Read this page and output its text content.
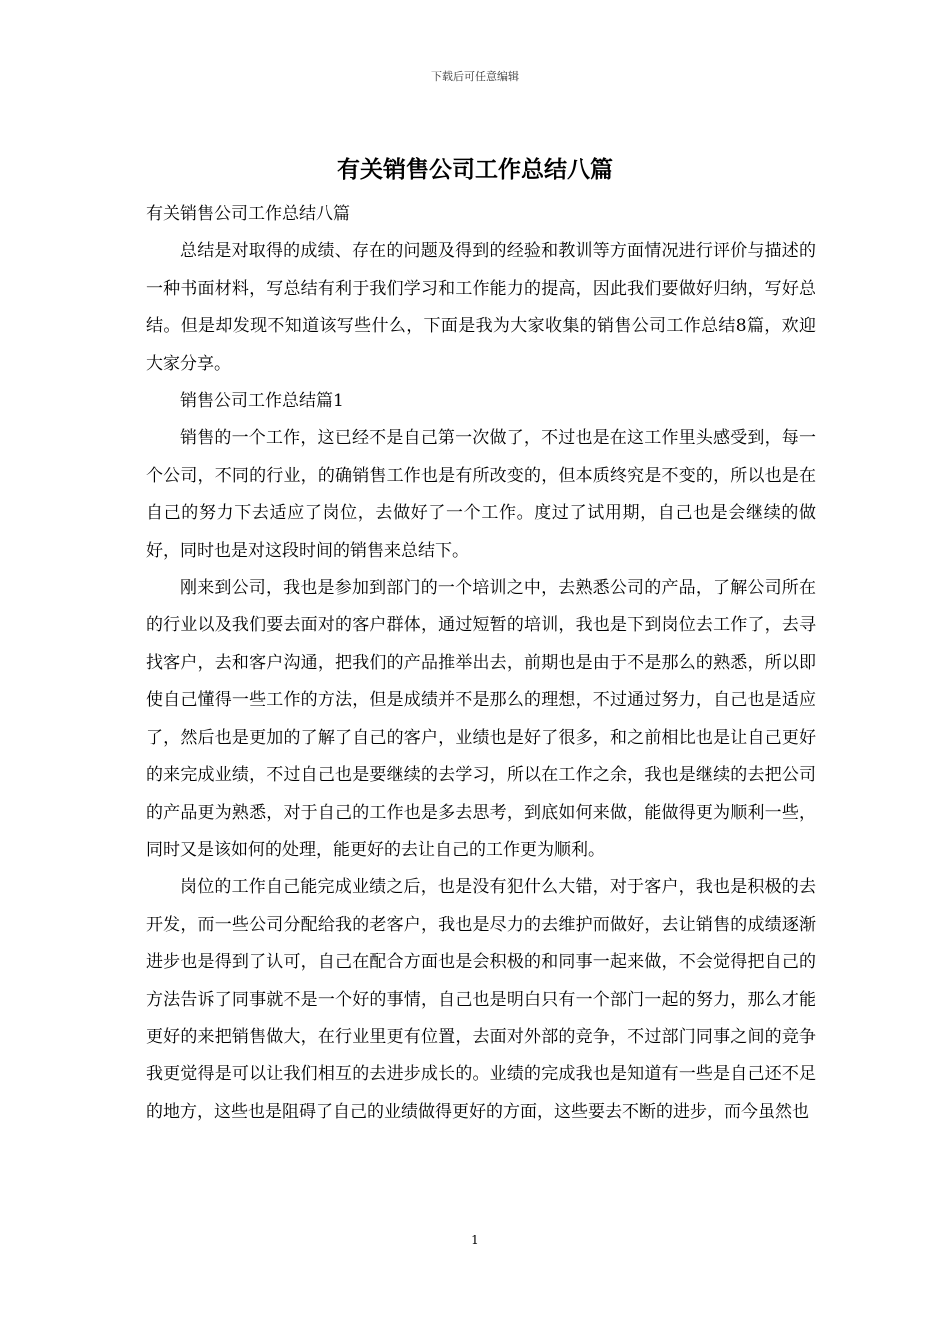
下载后可任意编辑
有关销售公司工作总结八篇

有关销售公司工作总结八篇

总结是对取得的成绩、存在的问题及得到的经验和教训等方面情况进行评价与描述的一种书面材料，写总结有利于我们学习和工作能力的提高，因此我们要做好归纳，写好总结。但是却发现不知道该写些什么，下面是我为大家收集的销售公司工作总结8篇，欢迎大家分享。

销售公司工作总结篇1

销售的一个工作，这已经不是自己第一次做了，不过也是在这工作里头感受到，每一个公司，不同的行业，的确销售工作也是有所改变的，但本质终究是不变的，所以也是在自己的努力下去适应了岗位，去做好了一个工作。度过了试用期，自己也是会继续的做好，同时也是对这段时间的销售来总结下。

刚来到公司，我也是参加到部门的一个培训之中，去熟悉公司的产品，了解公司所在的行业以及我们要去面对的客户群体，通过短暂的培训，我也是下到岗位去工作了，去寻找客户，去和客户沟通，把我们的产品推举出去，前期也是由于不是那么的熟悉，所以即使自己懂得一些工作的方法，但是成绩并不是那么的理想，不过通过努力，自己也是适应了，然后也是更加的了解了自己的客户，业绩也是好了很多，和之前相比也是让自己更好的来完成业绩，不过自己也是要继续的去学习，所以在工作之余，我也是继续的去把公司的产品更为熟悉，对于自己的工作也是多去思考，到底如何来做，能做得更为顺利一些，同时又是该如何的处理，能更好的去让自己的工作更为顺利。

岗位的工作自己能完成业绩之后，也是没有犯什么大错，对于客户，我也是积极的去开发，而一些公司分配给我的老客户，我也是尽力的去维护而做好，去让销售的成绩逐渐进步也是得到了认可，自己在配合方面也是会积极的和同事一起来做，不会觉得把自己的方法告诉了同事就不是一个好的事情，自己也是明白只有一个部门一起的努力，那么才能更好的来把销售做大，在行业里更有位置，去面对外部的竞争，不过部门同事之间的竞争我更觉得是可以让我们相互的去进步成长的。业绩的完成我也是知道有一些是自己还不足的地方，这些也是阻碍了自己的业绩做得更好的方面，这些要去不断的进步，而今虽然也

1
